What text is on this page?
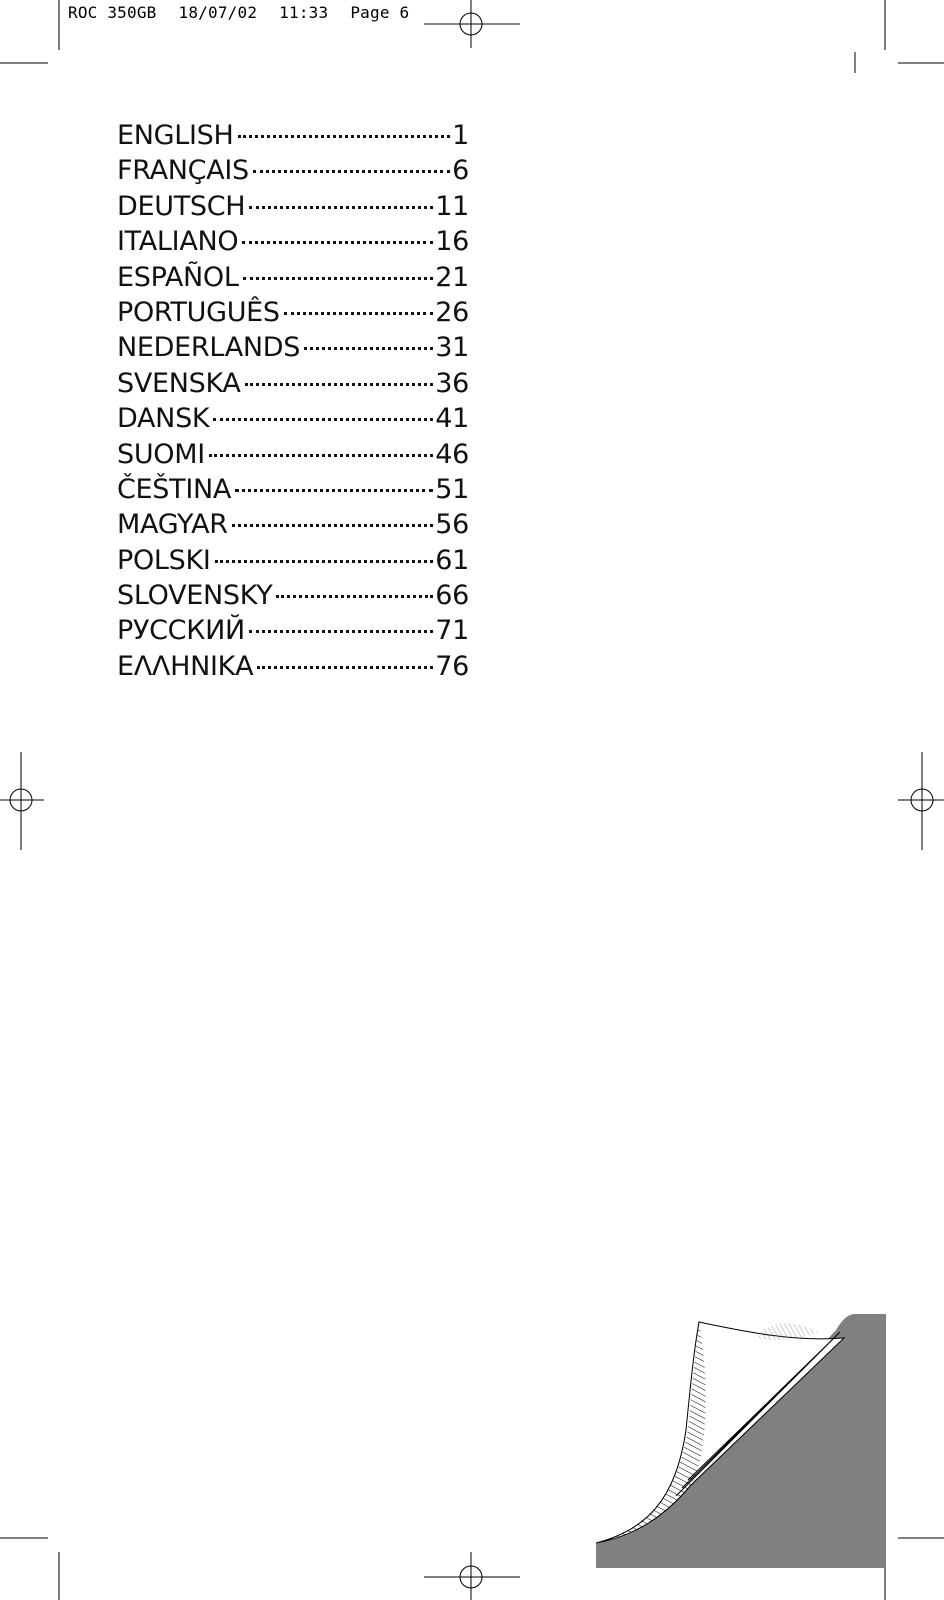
ROC 350GB 18/07/02 11:33 Page 6
ENGLISH	1
FRANÇAIS	6
DEUTSCH	11
ITALIANO	16
ESPAÑOL	21
PORTUGUÊS	26
NEDERLANDS	31
SVENSKA	36
DANSK	41
SUOMI	46
ČEŠTINA	51
MAGYAR	56
POLSKI	61
SLOVENSKY	66
РУССКИЙ	71
ΕΛΛΗΝΙΚΑ	76
